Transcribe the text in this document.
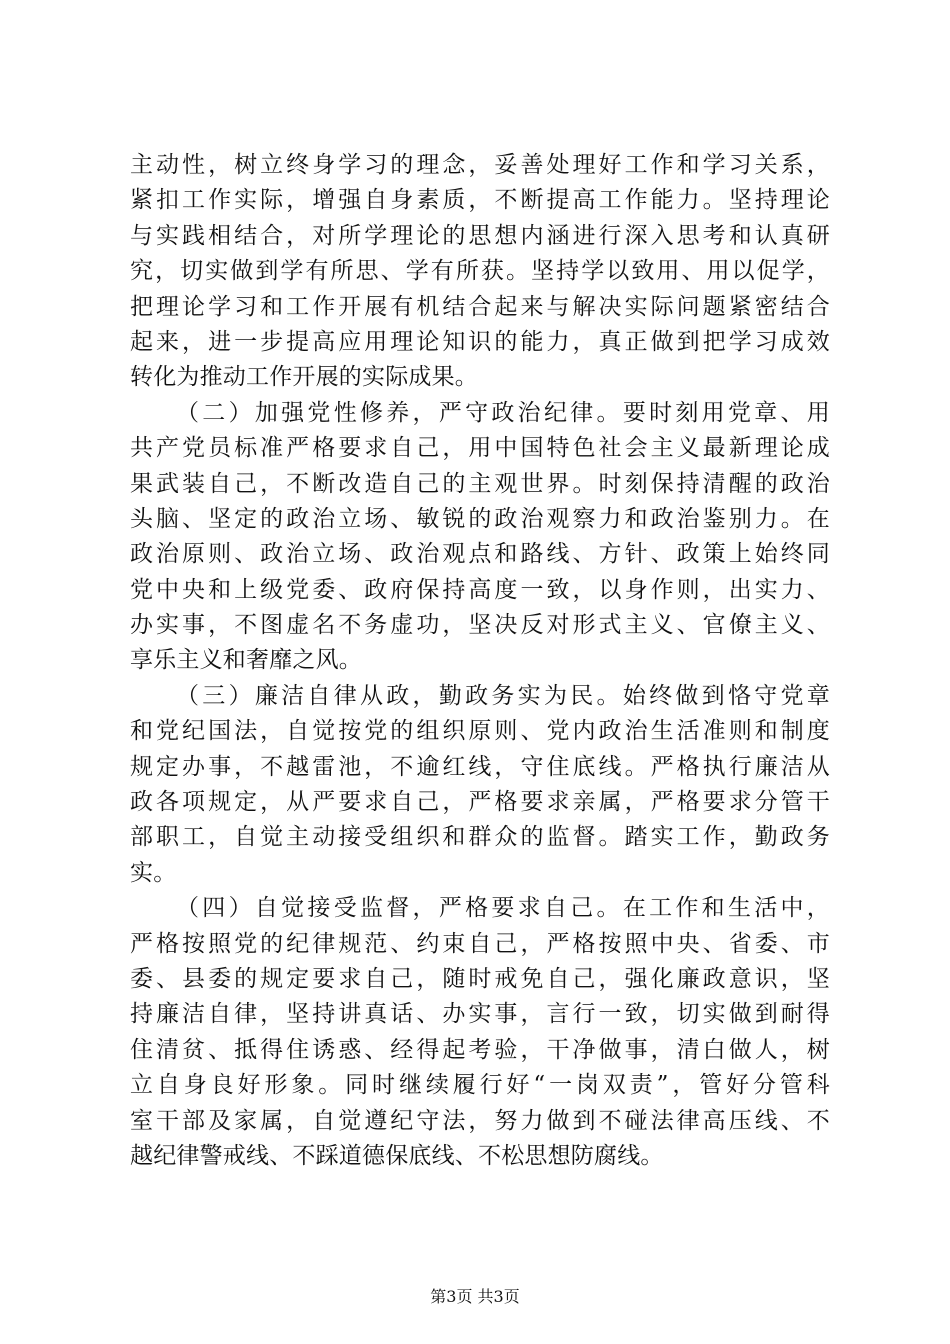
主动性，树立终身学习的理念，妥善处理好工作和学习关系，
紧扣工作实际，增强自身素质，不断提高工作能力。坚持理论
与实践相结合，对所学理论的思想内涵进行深入思考和认真研
究，切实做到学有所思、学有所获。坚持学以致用、用以促学，
把理论学习和工作开展有机结合起来与解决实际问题紧密结合
起来，进一步提高应用理论知识的能力，真正做到把学习成效
转化为推动工作开展的实际成果。
（二）加强党性修养，严守政治纪律。要时刻用党章、用
共产党员标准严格要求自己，用中国特色社会主义最新理论成
果武装自己，不断改造自己的主观世界。时刻保持清醒的政治
头脑、坚定的政治立场、敏锐的政治观察力和政治鉴别力。在
政治原则、政治立场、政治观点和路线、方针、政策上始终同
党中央和上级党委、政府保持高度一致，以身作则，出实力、
办实事，不图虚名不务虚功，坚决反对形式主义、官僚主义、
享乐主义和奢靡之风。
（三）廉洁自律从政，勤政务实为民。始终做到恪守党章
和党纪国法，自觉按党的组织原则、党内政治生活准则和制度
规定办事，不越雷池，不逾红线，守住底线。严格执行廉洁从
政各项规定，从严要求自己，严格要求亲属，严格要求分管干
部职工，自觉主动接受组织和群众的监督。踏实工作，勤政务
实。
（四）自觉接受监督，严格要求自己。在工作和生活中，
严格按照党的纪律规范、约束自己，严格按照中央、省委、市
委、县委的规定要求自己，随时戒免自己，强化廉政意识，坚
持廉洁自律，坚持讲真话、办实事，言行一致，切实做到耐得
住清贫、抵得住诱惑、经得起考验，干净做事，清白做人，树
立自身良好形象。同时继续履行好“一岗双责”，管好分管科
室干部及家属，自觉遵纪守法，努力做到不碰法律高压线、不
越纪律警戒线、不踩道德保底线、不松思想防腐线。
第3页 共3页
